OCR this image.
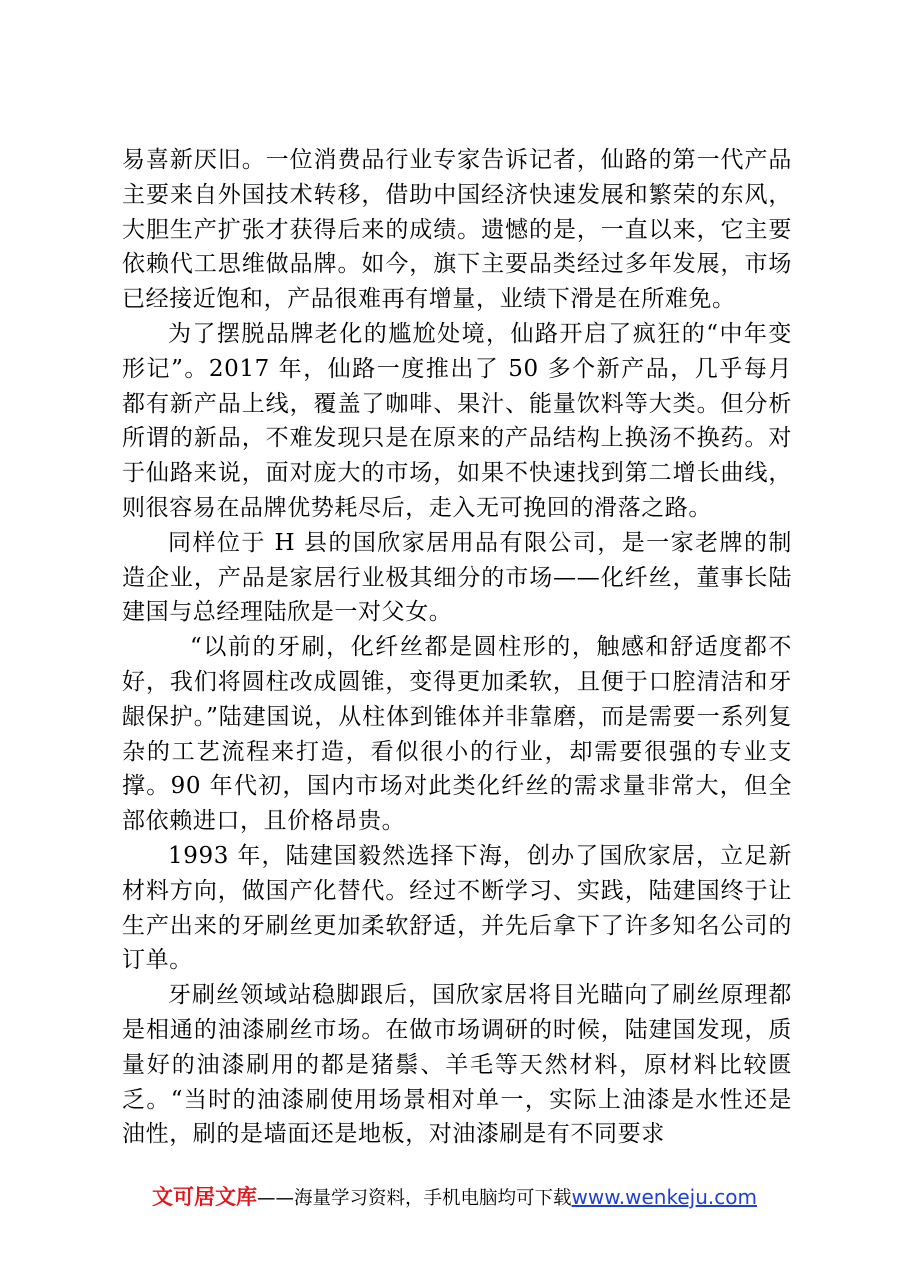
易喜新厌旧。一位消费品行业专家告诉记者，仙路的第一代产品主要来自外国技术转移，借助中国经济快速发展和繁荣的东风，大胆生产扩张才获得后来的成绩。遗憾的是，一直以来，它主要依赖代工思维做品牌。如今，旗下主要品类经过多年发展，市场已经接近饱和，产品很难再有增量，业绩下滑是在所难免。

为了摆脱品牌老化的尴尬处境，仙路开启了疯狂的“中年变形记”。2017 年，仙路一度推出了 50 多个新产品，几乎每月都有新产品上线，覆盖了咖啡、果汁、能量饮料等大类。但分析所谓的新品，不难发现只是在原来的产品结构上换汤不换药。对于仙路来说，面对庞大的市场，如果不快速找到第二增长曲线，则很容易在品牌优势耗尽后，走入无可挽回的滑落之路。

同样位于 H 县的国欣家居用品有限公司，是一家老牌的制造企业，产品是家居行业极其细分的市场——化纤丝，董事长陆建国与总经理陆欣是一对父女。

“以前的牙刷，化纤丝都是圆柱形的，触感和舒适度都不好，我们将圆柱改成圆锥，变得更加柔软，且便于口腔清洁和牙龈保护。”陆建国说，从柱体到锥体并非靠磨，而是需要一系列复杂的工艺流程来打造，看似很小的行业，却需要很强的专业支撑。90 年代初，国内市场对此类化纤丝的需求量非常大，但全部依赖进口，且价格昂贵。

1993 年，陆建国毅然选择下海，创办了国欣家居，立足新材料方向，做国产化替代。经过不断学习、实践，陆建国终于让生产出来的牙刷丝更加柔软舒适，并先后拿下了许多知名公司的订单。

牙刷丝领域站稳脚跟后，国欣家居将目光瞄向了刷丝原理都是相通的油漆刷丝市场。在做市场调研的时候，陆建国发现，质量好的油漆刷用的都是猪鬃、羊毛等天然材料，原材料比较匮乏。“当时的油漆刷使用场景相对单一，实际上油漆是水性还是油性，刷的是墙面还是地板，对油漆刷是有不同要求

文可居文库——海量学习资料，手机电脑均可下载www.wenkeju.com
